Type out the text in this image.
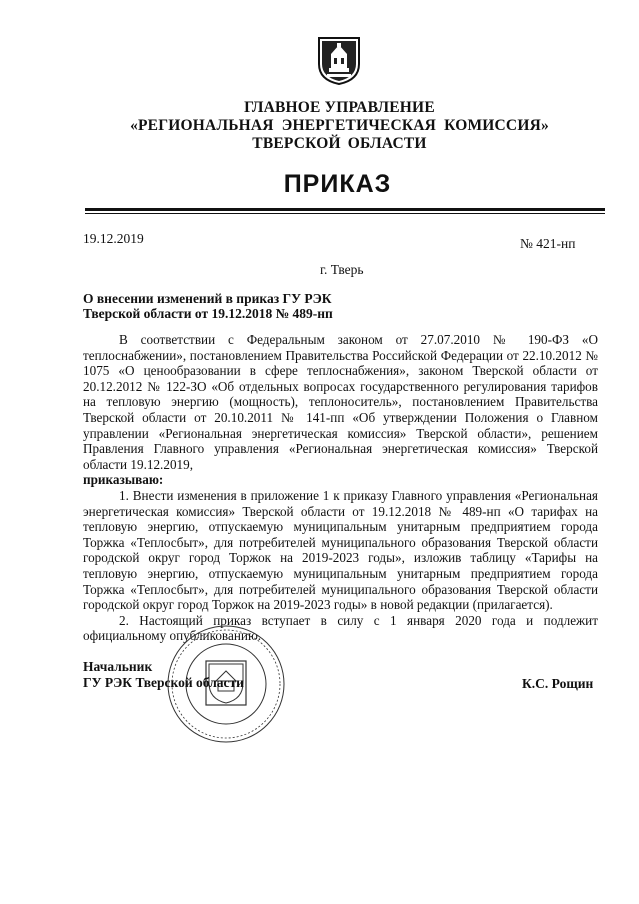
ГЛАВНОЕ УПРАВЛЕНИЕ
«РЕГИОНАЛЬНАЯ ЭНЕРГЕТИЧЕСКАЯ КОМИССИЯ»
ТВЕРСКОЙ ОБЛАСТИ
ПРИКАЗ
19.12.2019	№ 421-нп
г. Тверь
О внесении изменений в приказ ГУ РЭК
Тверской области от 19.12.2018 № 489-нп

В соответствии с Федеральным законом от 27.07.2010 № 190-ФЗ «О теплоснабжении», постановлением Правительства Российской Федерации от 22.10.2012 № 1075 «О ценообразовании в сфере теплоснабжения», законом Тверской области от 20.12.2012 № 122-ЗО «Об отдельных вопросах государственного регулирования тарифов на тепловую энергию (мощность), теплоноситель», постановлением Правительства Тверской области от 20.10.2011 № 141-пп «Об утверждении Положения о Главном управлении «Региональная энергетическая комиссия» Тверской области», решением Правления Главного управления «Региональная энергетическая комиссия» Тверской области 19.12.2019,

приказываю:

1. Внести изменения в приложение 1 к приказу Главного управления «Региональная энергетическая комиссия» Тверской области от 19.12.2018 № 489-нп «О тарифах на тепловую энергию, отпускаемую муниципальным унитарным предприятием города Торжка «Теплосбыт», для потребителей муниципального образования Тверской области городской округ город Торжок на 2019-2023 годы», изложив таблицу «Тарифы на тепловую энергию, отпускаемую муниципальным унитарным предприятием города Торжка «Теплосбыт», для потребителей муниципального образования Тверской области городской округ город Торжок на 2019-2023 годы» в новой редакции (прилагается).

2. Настоящий приказ вступает в силу с 1 января 2020 года и подлежит официальному опубликованию.

Начальник
ГУ РЭК Тверской области	К.С. Рощин
